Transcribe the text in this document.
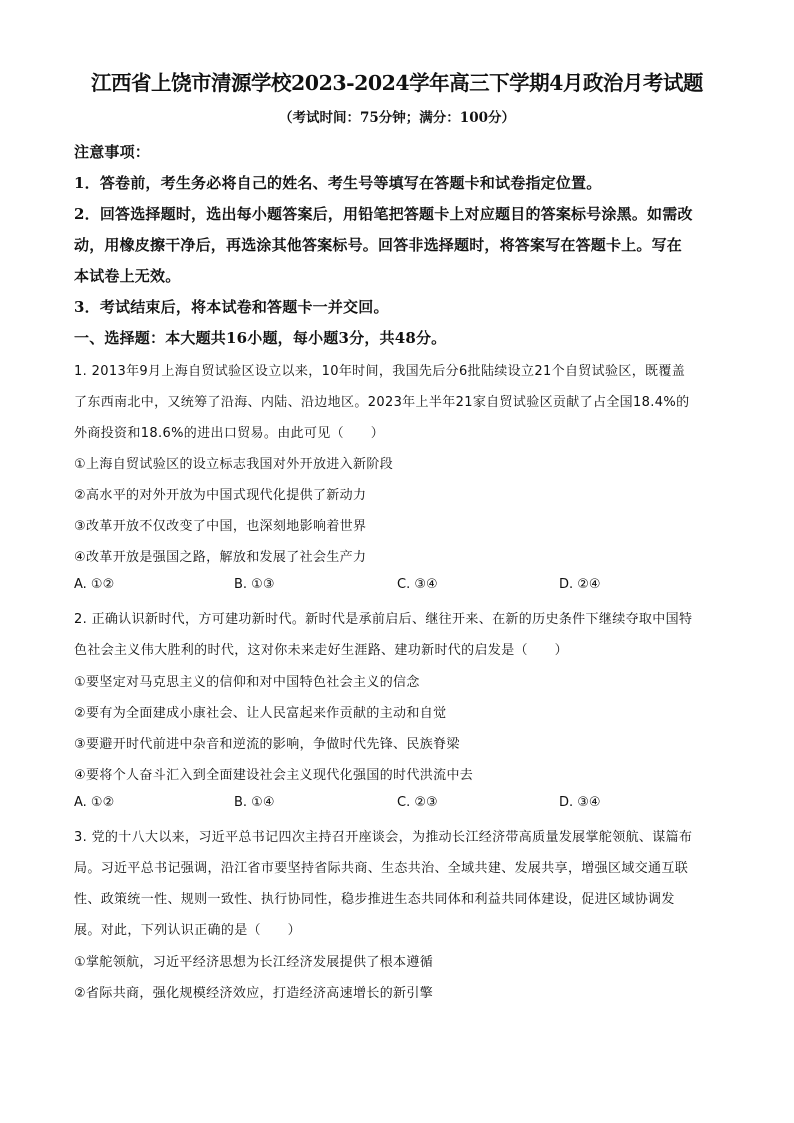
江西省上饶市清源学校2023-2024学年高三下学期4月政治月考试题
（考试时间：75分钟；满分：100分）
注意事项：
1．答卷前，考生务必将自己的姓名、考生号等填写在答题卡和试卷指定位置。
2．回答选择题时，选出每小题答案后，用铅笔把答题卡上对应题目的答案标号涂黑。如需改
动，用橡皮擦干净后，再选涂其他答案标号。回答非选择题时，将答案写在答题卡上。写在
本试卷上无效。
3．考试结束后，将本试卷和答题卡一并交回。
一、选择题：本大题共16小题，每小题3分，共48分。
1. 2013年9月上海自贸试验区设立以来，10年时间，我国先后分6批陆续设立21个自贸试验区，既覆盖
了东西南北中，又统筹了沿海、内陆、沿边地区。2023年上半年21家自贸试验区贡献了占全国18.4%的
外商投资和18.6%的进出口贸易。由此可见（　　）
①上海自贸试验区的设立标志我国对外开放进入新阶段
②高水平的对外开放为中国式现代化提供了新动力
③改革开放不仅改变了中国，也深刻地影响着世界
④改革开放是强国之路，解放和发展了社会生产力
A. ①②	B. ①③	C. ③④	D. ②④
2. 正确认识新时代，方可建功新时代。新时代是承前启后、继往开来、在新的历史条件下继续夺取中国特
色社会主义伟大胜利的时代，这对你未来走好生涯路、建功新时代的启发是（　　）
①要坚定对马克思主义的信仰和对中国特色社会主义的信念
②要有为全面建成小康社会、让人民富起来作贡献的主动和自觉
③要避开时代前进中杂音和逆流的影响，争做时代先锋、民族脊梁
④要将个人奋斗汇入到全面建设社会主义现代化强国的时代洪流中去
A. ①②	B. ①④	C. ②③	D. ③④
3. 党的十八大以来，习近平总书记四次主持召开座谈会，为推动长江经济带高质量发展掌舵领航、谋篇布
局。习近平总书记强调，沿江省市要坚持省际共商、生态共治、全域共建、发展共享，增强区域交通互联
性、政策统一性、规则一致性、执行协同性，稳步推进生态共同体和利益共同体建设，促进区域协调发
展。对此，下列认识正确的是（　　）
①掌舵领航，习近平经济思想为长江经济发展提供了根本遵循
②省际共商，强化规模经济效应，打造经济高速增长的新引擎
